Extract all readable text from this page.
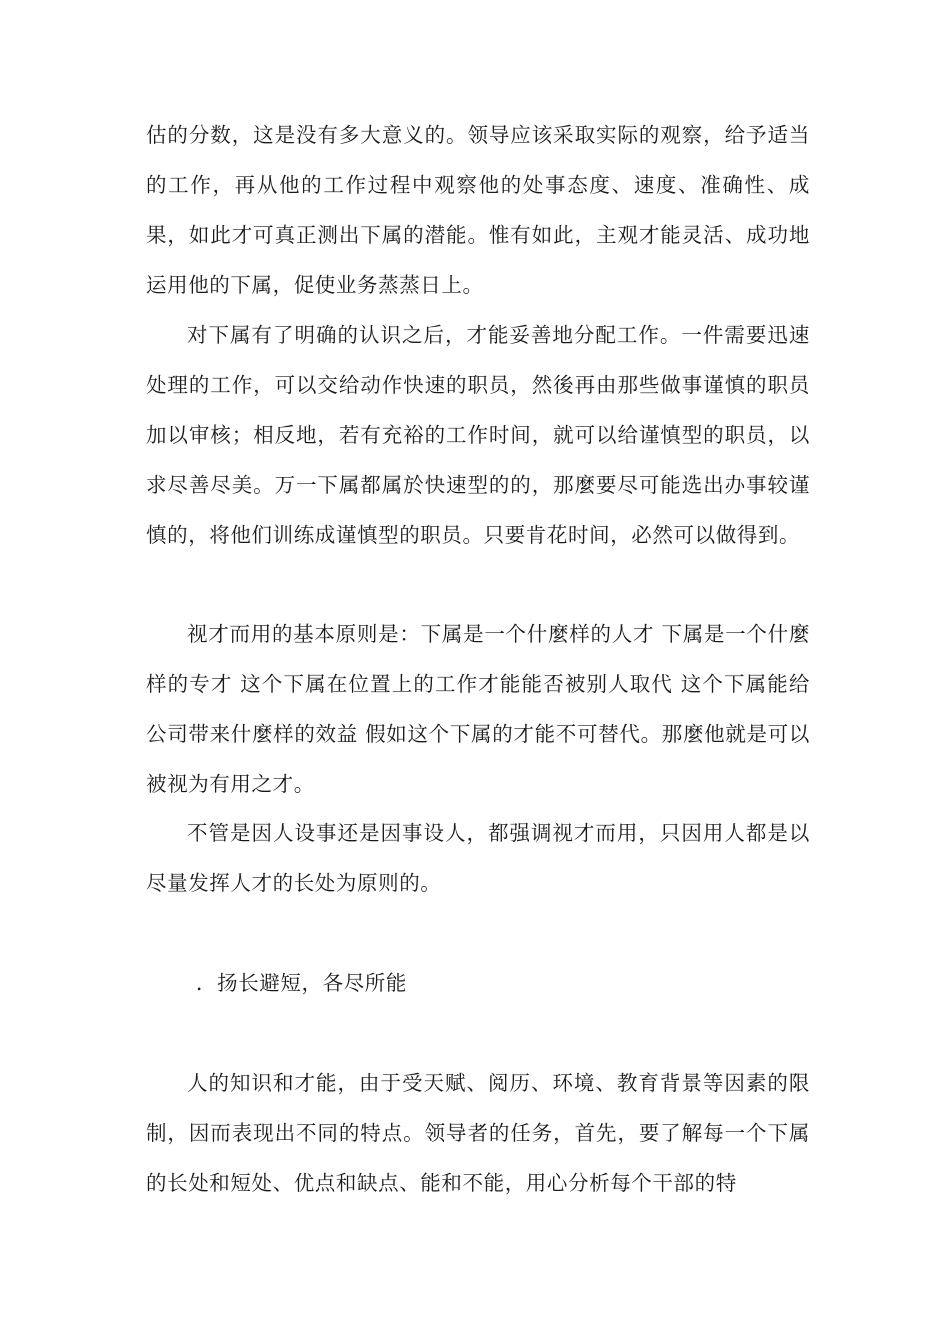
估的分数，这是没有多大意义的。领导应该采取实际的观察，给予适当的工作，再从他的工作过程中观察他的处事态度、速度、准确性、成果，如此才可真正测出下属的潜能。惟有如此，主观才能灵活、成功地运用他的下属，促使业务蒸蒸日上。

对下属有了明确的认识之后，才能妥善地分配工作。一件需要迅速处理的工作，可以交给动作快速的职员，然後再由那些做事谨慎的职员加以审核；相反地，若有充裕的工作时间，就可以给谨慎型的职员，以求尽善尽美。万一下属都属於快速型的的，那麼要尽可能选出办事较谨慎的，将他们训练成谨慎型的职员。只要肯花时间，必然可以做得到。

视才而用的基本原则是：下属是一个什麼样的人才 下属是一个什麼样的专才 这个下属在位置上的工作才能能否被别人取代 这个下属能给公司带来什麼样的效益 假如这个下属的才能不可替代。那麼他就是可以被视为有用之才。

不管是因人设事还是因事设人，都强调视才而用，只因用人都是以尽量发挥人才的长处为原则的。

．扬长避短，各尽所能

人的知识和才能，由于受天赋、阅历、环境、教育背景等因素的限制，因而表现出不同的特点。领导者的任务，首先，要了解每一个下属的长处和短处、优点和缺点、能和不能，用心分析每个干部的特
